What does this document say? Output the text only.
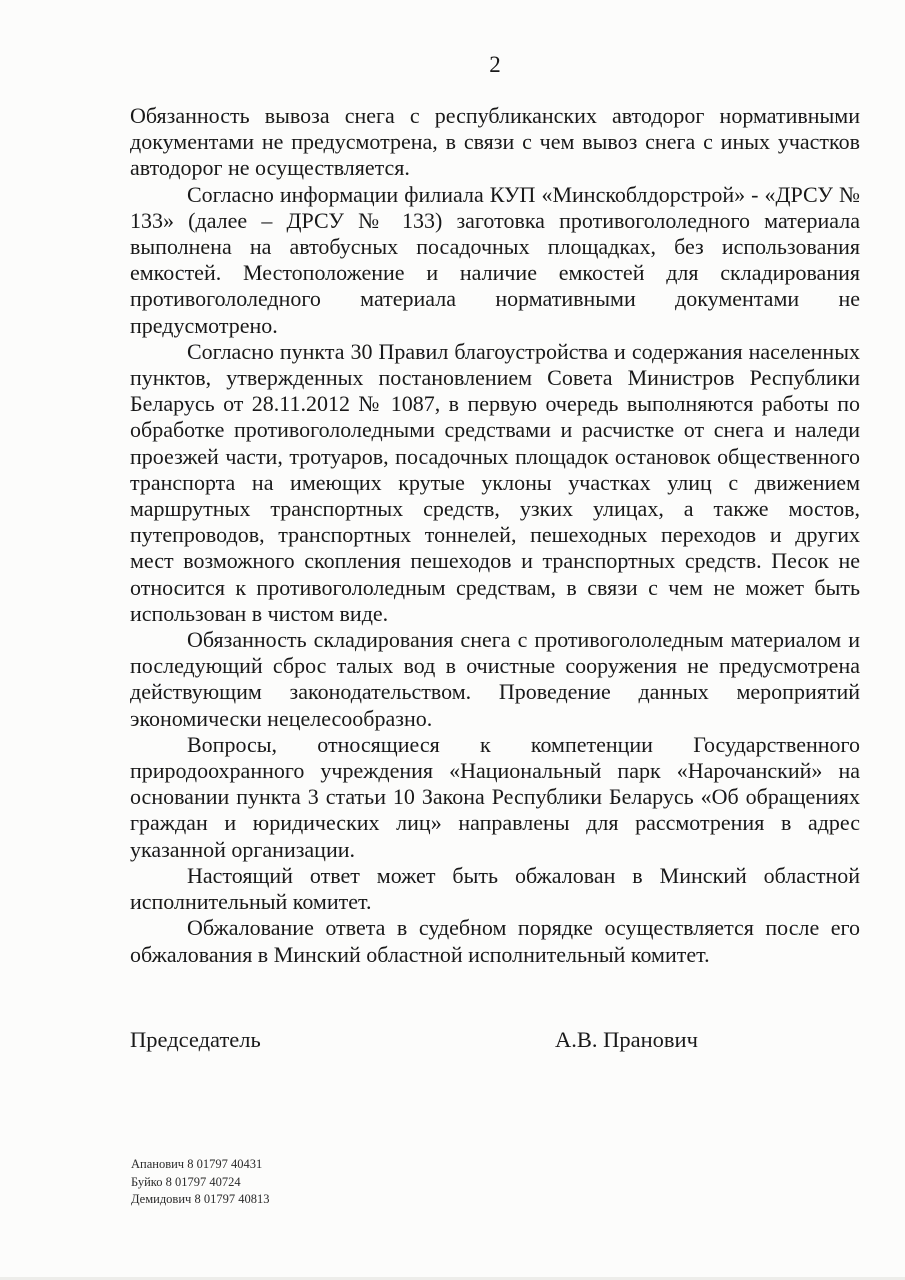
2

Обязанность вывоза снега с республиканских автодорог нормативными документами не предусмотрена, в связи с чем вывоз снега с иных участков автодорог не осуществляется.

Согласно информации филиала КУП «Минскоблдорстрой» - «ДРСУ № 133» (далее – ДРСУ № 133) заготовка противогололедного материала выполнена на автобусных посадочных площадках, без использования емкостей. Местоположение и наличие емкостей для складирования противогололедного материала нормативными документами не предусмотрено.

Согласно пункта 30 Правил благоустройства и содержания населенных пунктов, утвержденных постановлением Совета Министров Республики Беларусь от 28.11.2012 № 1087, в первую очередь выполняются работы по обработке противогололедными средствами и расчистке от снега и наледи проезжей части, тротуаров, посадочных площадок остановок общественного транспорта на имеющих крутые уклоны участках улиц с движением маршрутных транспортных средств, узких улицах, а также мостов, путепроводов, транспортных тоннелей, пешеходных переходов и других мест возможного скопления пешеходов и транспортных средств. Песок не относится к противогололедным средствам, в связи с чем не может быть использован в чистом виде.

Обязанность складирования снега с противогололедным материалом и последующий сброс талых вод в очистные сооружения не предусмотрена действующим законодательством. Проведение данных мероприятий экономически нецелесообразно.

Вопросы, относящиеся к компетенции Государственного природоохранного учреждения «Национальный парк «Нарочанский» на основании пункта 3 статьи 10 Закона Республики Беларусь «Об обращениях граждан и юридических лиц» направлены для рассмотрения в адрес указанной организации.

Настоящий ответ может быть обжалован в Минский областной исполнительный комитет.

Обжалование ответа в судебном порядке осуществляется после его обжалования в Минский областной исполнительный комитет.

Председатель	А.В. Пранович
Апанович 8 01797 40431
Буйко 8 01797 40724
Демидович 8 01797 40813
